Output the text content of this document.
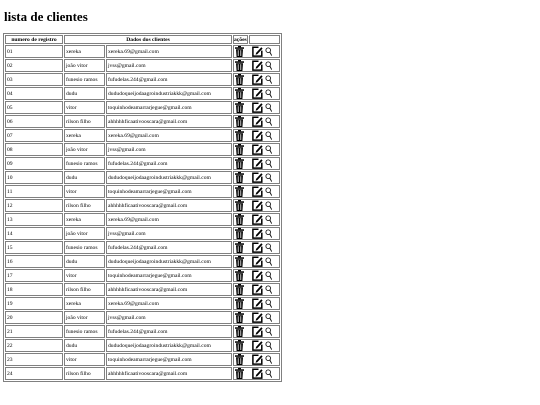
lista de clientes
numero de registro	Dados dos clientes		ações	
01	xereka	xereka.69@gmail.com	

02	joão vitor	jvss@gmail.com	

03	funesio ramos	fufudelas.244@gmail.com	

04	dudu	dududoqueijodaagroindustriakkk@gmail.com	

05	vitor	toquinhodeamarrarjegue@gmail.com	

06	rilson filho	ahhhhhficaativooscara@gmail.com	

07	xereka	xereka.69@gmail.com	

08	joão vitor	jvss@gmail.com	

09	funesio ramos	fufudelas.244@gmail.com	

10	dudu	dududoqueijodaagroindustriakkk@gmail.com	

11	vitor	toquinhodeamarrarjegue@gmail.com	

12	rilson filho	ahhhhhficaativooscara@gmail.com	

13	xereka	xereka.69@gmail.com	

14	joão vitor	jvss@gmail.com	

15	funesio ramos	fufudelas.244@gmail.com	

16	dudu	dududoqueijodaagroindustriakkk@gmail.com	

17	vitor	toquinhodeamarrarjegue@gmail.com	

18	rilson filho	ahhhhhficaativooscara@gmail.com	

19	xereka	xereka.69@gmail.com	

20	joão vitor	jvss@gmail.com	

21	funesio ramos	fufudelas.244@gmail.com	

22	dudu	dududoqueijodaagroindustriakkk@gmail.com	

23	vitor	toquinhodeamarrarjegue@gmail.com	

24	rilson filho	ahhhhhficaativooscara@gmail.com	
